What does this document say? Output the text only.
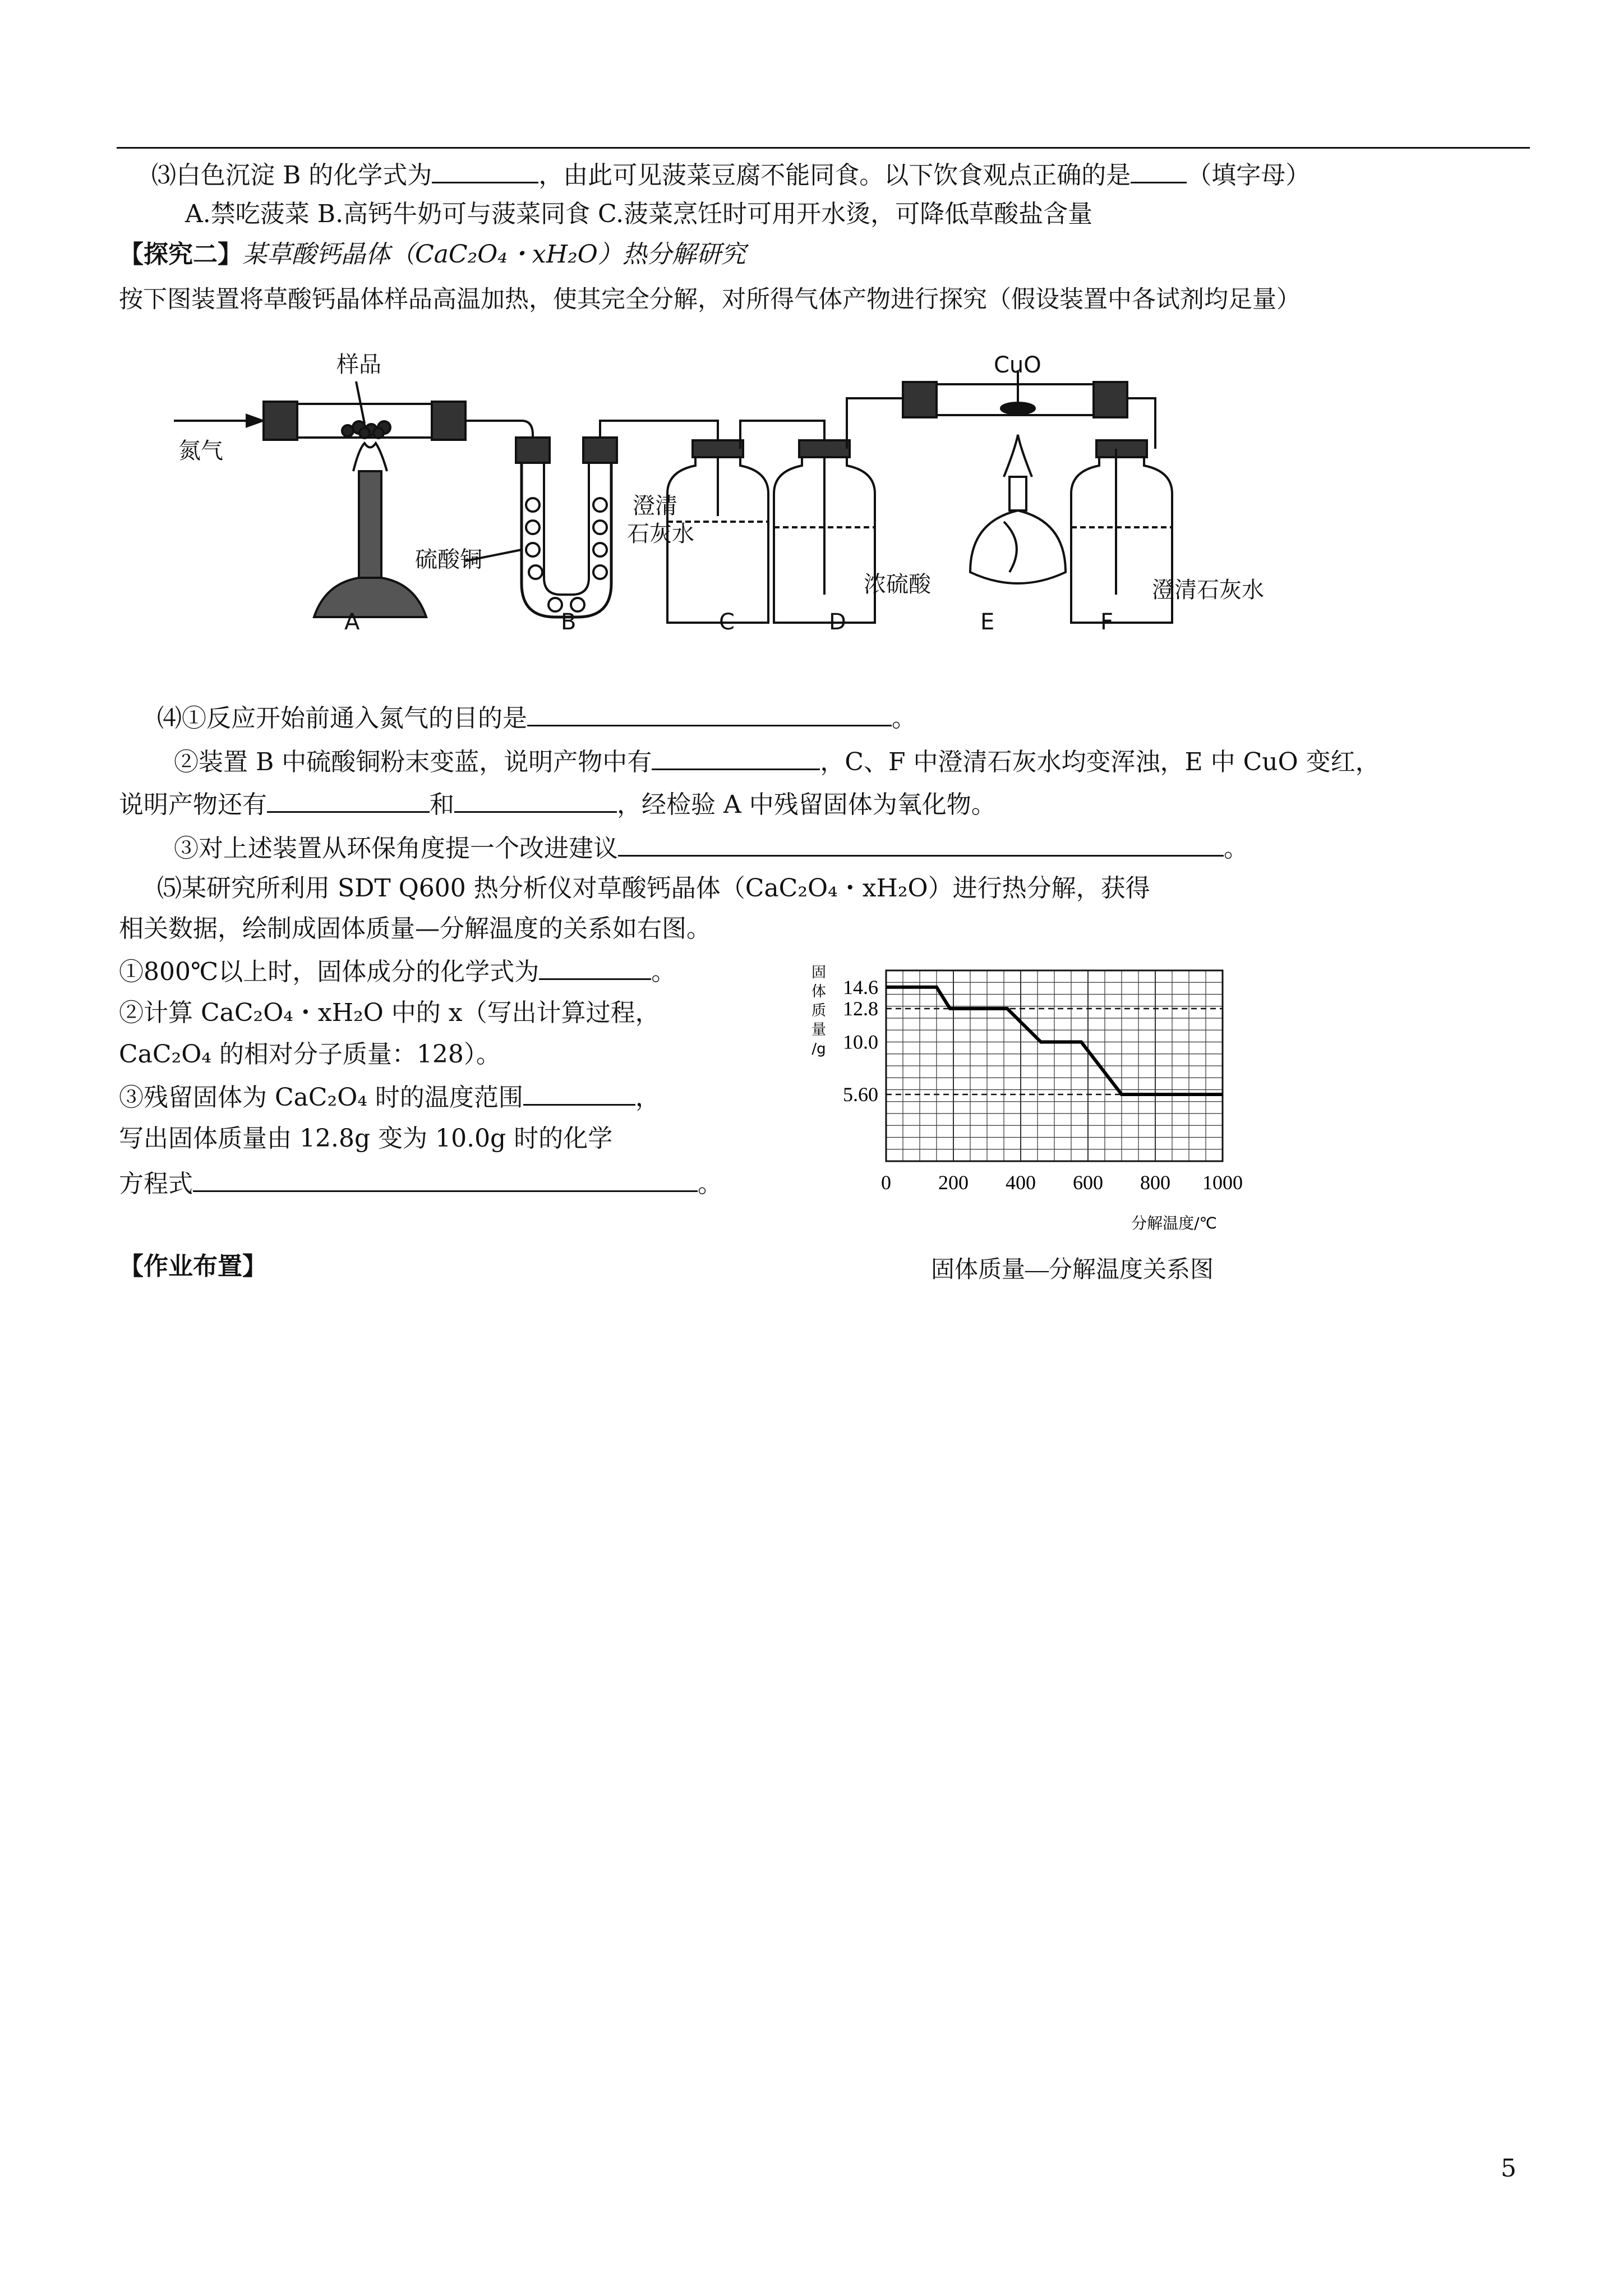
⑶白色沉淀 B 的化学式为	，由此可见菠菜豆腐不能同食。以下饮食观点正确的是 （填字母）
A.禁吃菠菜 B.高钙牛奶可与菠菜同食 C.菠菜烹饪时可用开水烫，可降低草酸盐含量
【探究二】某草酸钙晶体（CaC₂O₄・xH₂O）热分解研究
按下图装置将草酸钙晶体样品高温加热，使其完全分解，对所得气体产物进行探究（假设装置中各试剂均足量）
样品
氮气
硫酸铜
澄清
石灰水
浓硫酸
CuO
澄清石灰水
A	B	C	D	E	F
⑷①反应开始前通入氮气的目的是	。
②装置 B 中硫酸铜粉末变蓝，说明产物中有	，C、F 中澄清石灰水均变浑浊，E 中 CuO 变红，
说明产物还有	和	，经检验 A 中残留固体为氧化物。
③对上述装置从环保角度提一个改进建议	。
⑸某研究所利用 SDT Q600 热分析仪对草酸钙晶体（CaC₂O₄・xH₂O）进行热分解，获得
相关数据，绘制成固体质量—分解温度的关系如右图。
①800℃以上时，固体成分的化学式为	。
②计算 CaC₂O₄・xH₂O 中的 x（写出计算过程，
CaC₂O₄ 的相对分子质量：128）。
③残留固体为 CaC₂O₄ 时的温度范围	，
写出固体质量由 12.8g 变为 10.0g 时的化学
方程式	。
5.60
10.0
12.8
14.6
0 200 400 600 800 1000
固
体
质
量
/g
分解温度/℃
固体质量—分解温度关系图
【作业布置】
5
